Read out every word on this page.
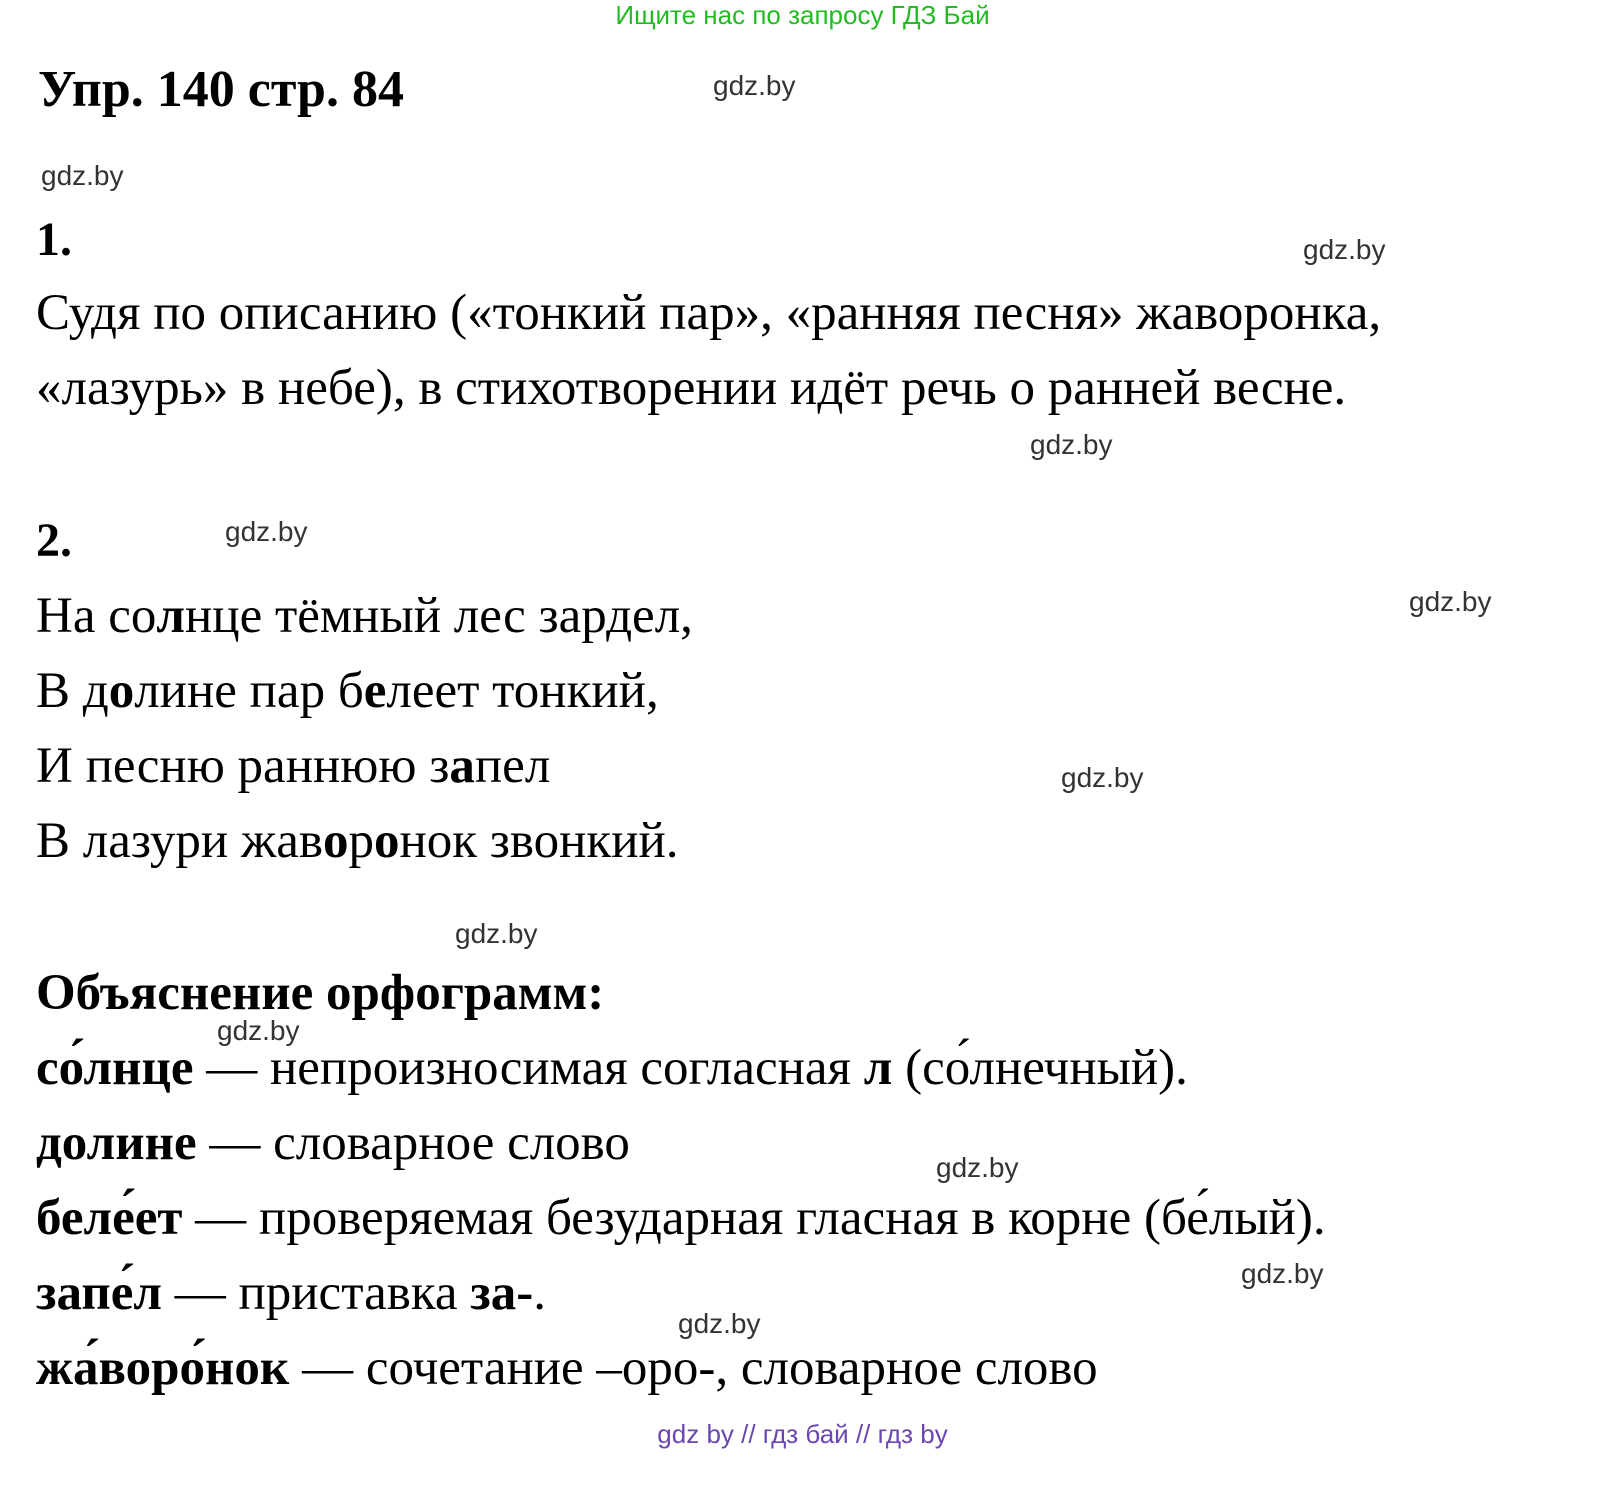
Ищите нас по запросу ГДЗ Бай
Упр. 140 стр. 84
1.
Судя по описанию («тонкий пар», «ранняя песня» жаворонка,
«лазурь» в небе), в стихотворении идёт речь о ранней весне.
2.
На солнце тёмный лес зардел,
В долине пар белеет тонкий,
И песню раннюю запел
В лазури жаворонок звонкий.
Объяснение орфограмм:
со́лнце — непроизносимая согласная л (со́лнечный).
долине — словарное слово
беле́ет — проверяемая безударная гласная в корне (бе́лый).
запе́л — приставка за-.
жа́воро́нок — сочетание –оро-, словарное слово
gdz.by
gdz.by
gdz.by
gdz.by
gdz.by
gdz.by
gdz.by
gdz.by
gdz.by
gdz.by
gdz.by
gdz.by
gdz by // гдз бай // гдз by
